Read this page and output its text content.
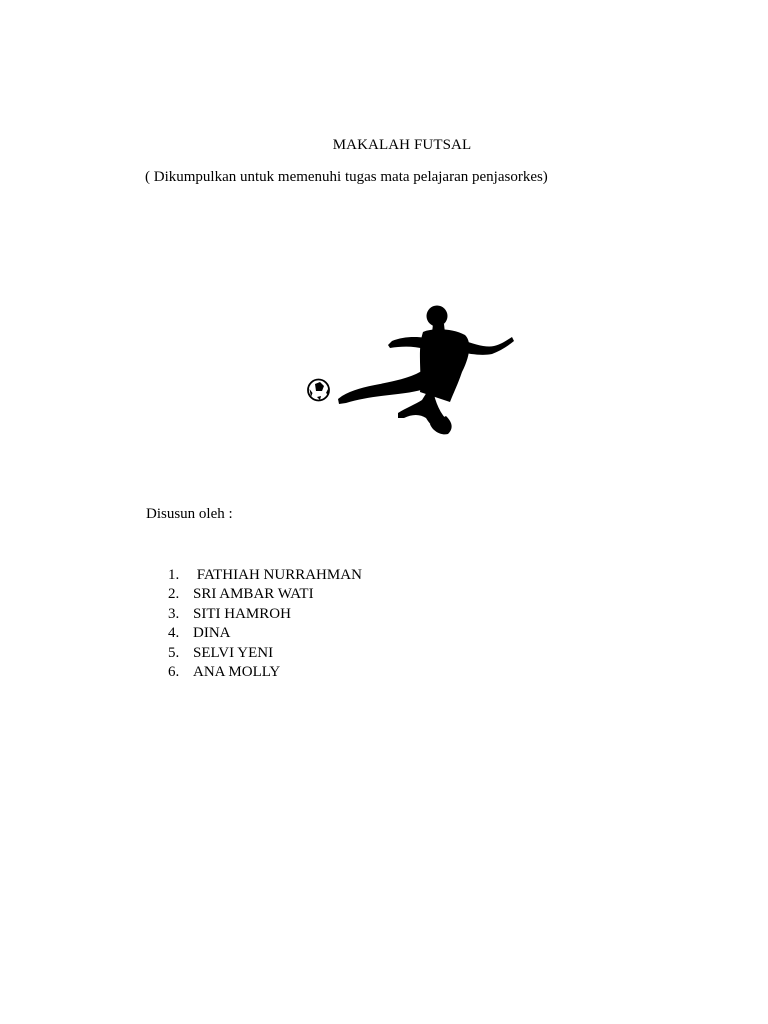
MAKALAH FUTSAL
( Dikumpulkan untuk memenuhi tugas mata pelajaran penjasorkes)
Disusun oleh :
1. FATHIAH NURRAHMAN
2. SRI AMBAR WATI
3. SITI HAMROH
4. DINA
5. SELVI YENI
6. ANA MOLLY
